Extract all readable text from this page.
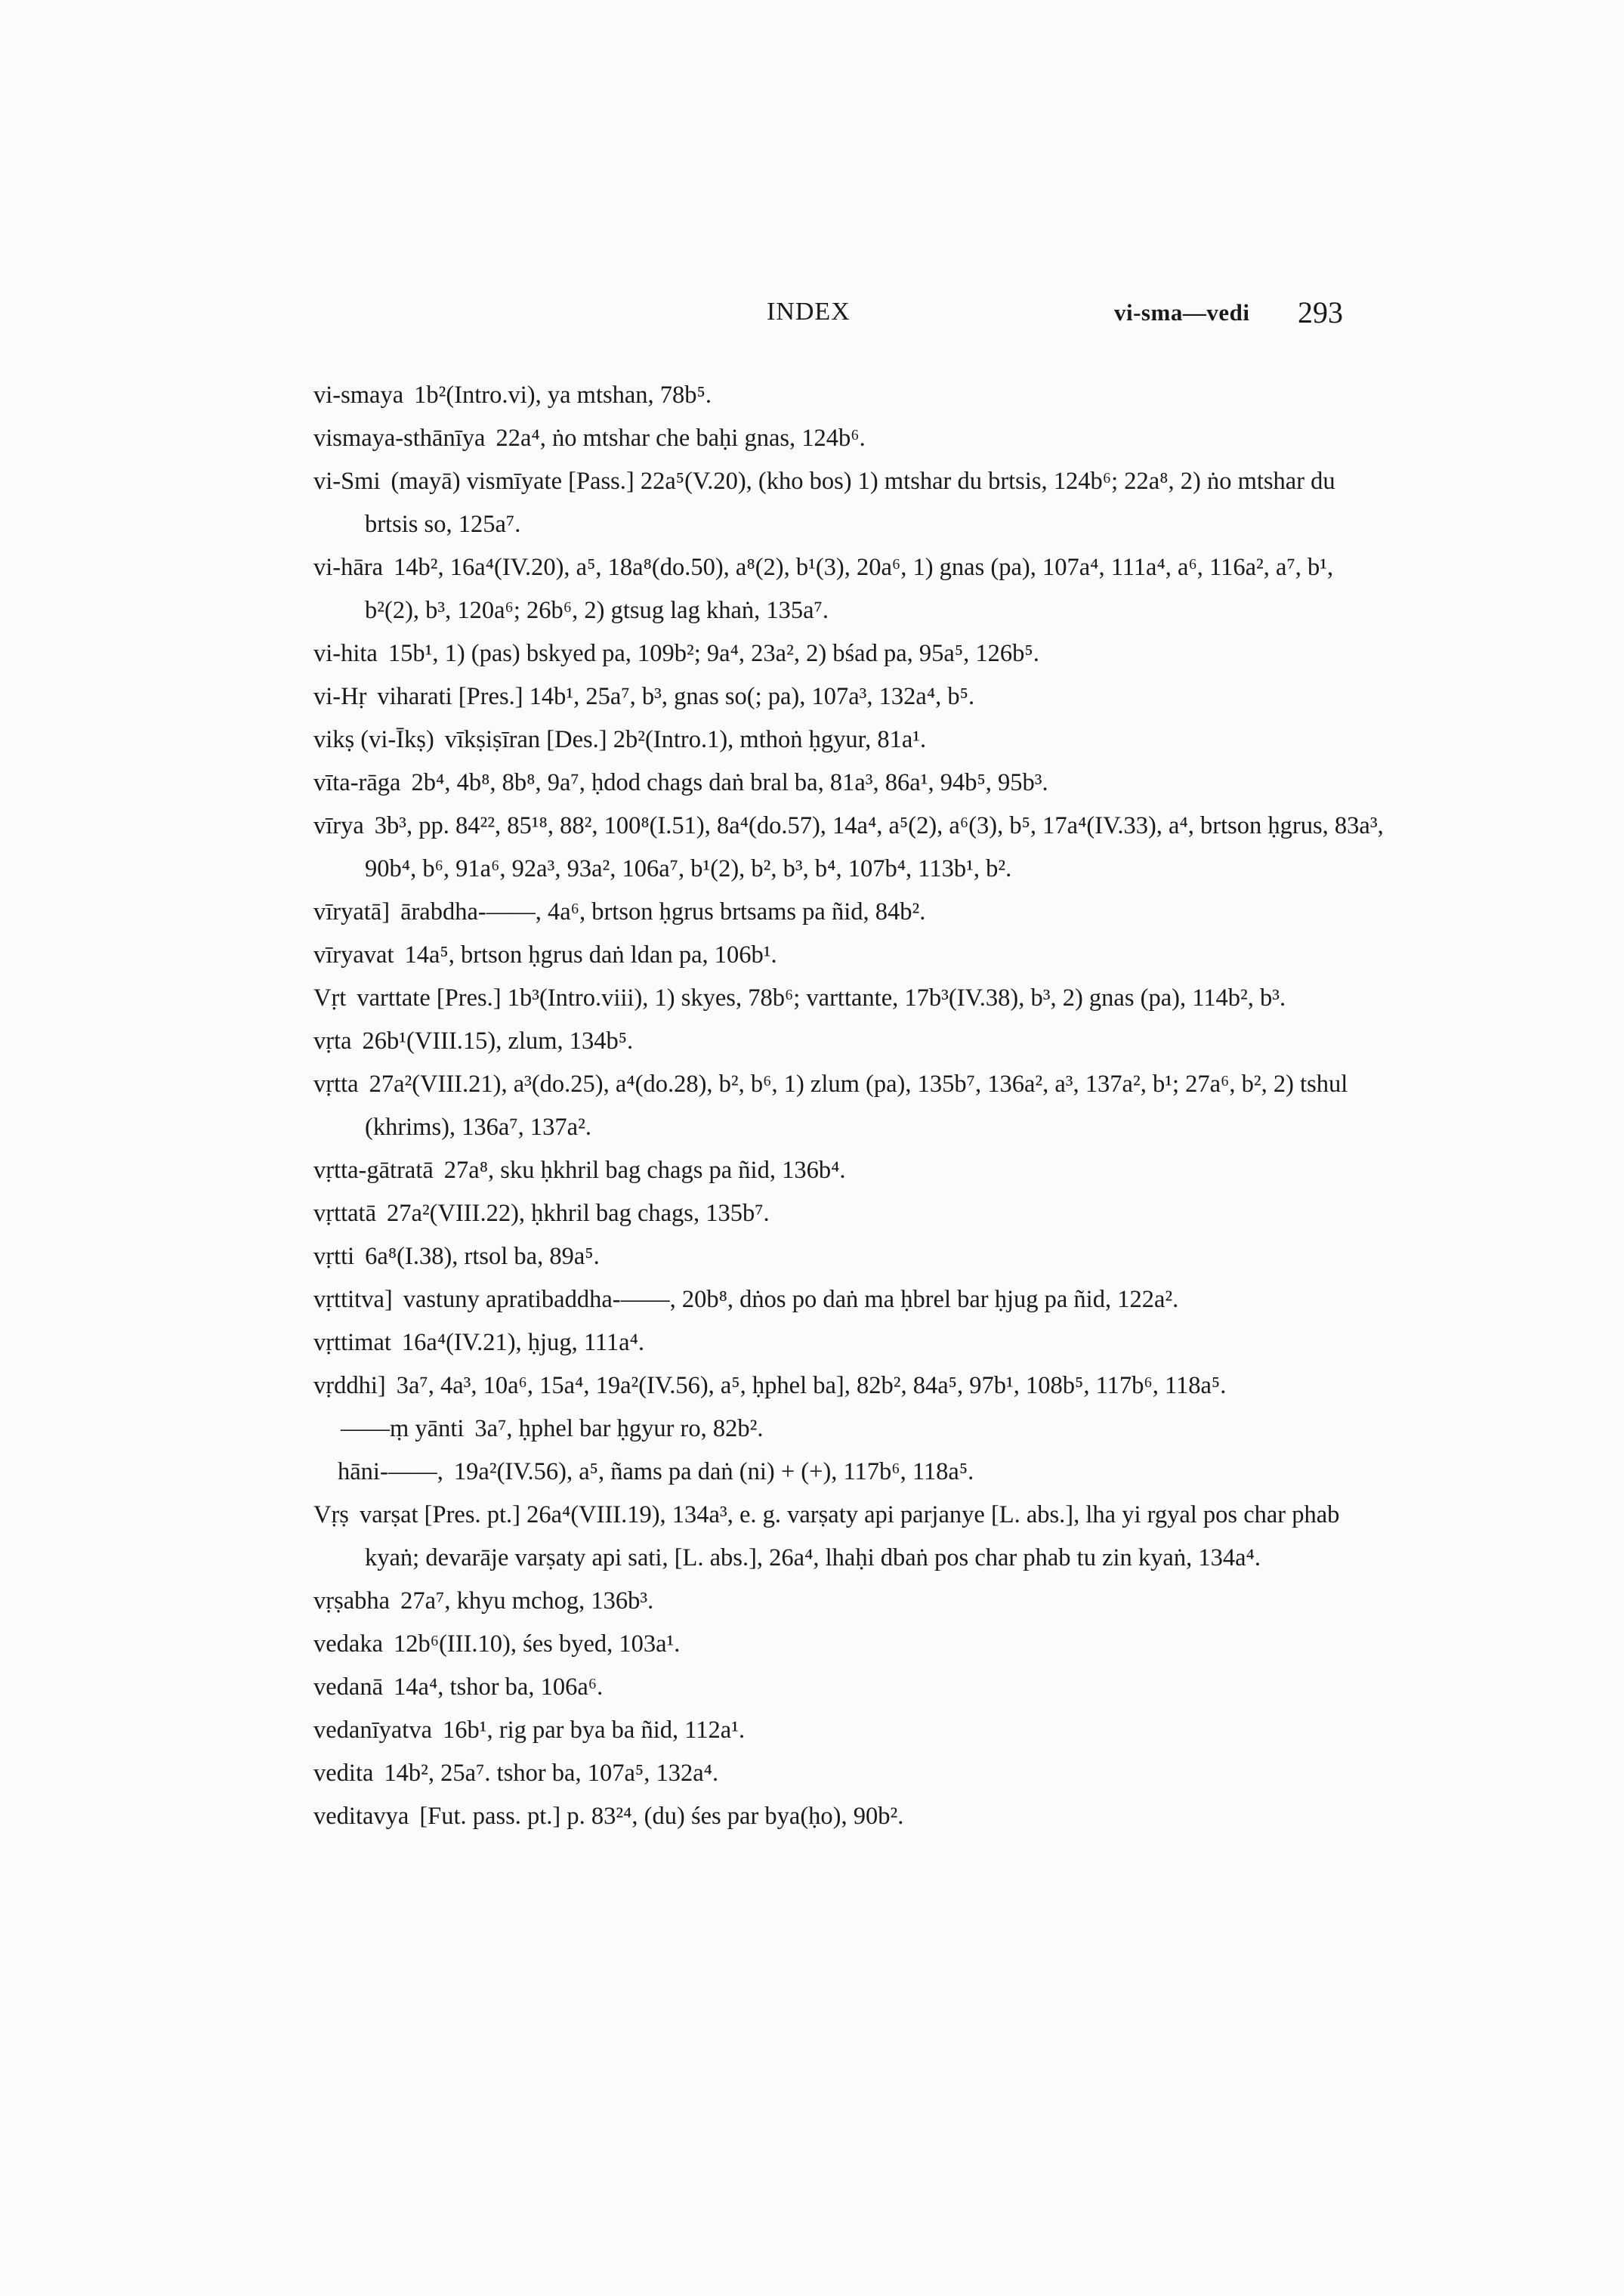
INDEX	vi-sma—vedi 293

vi-smaya 1b²(Intro.vi), ya mtshan, 78b⁵.

vismaya-sthānīya 22a⁴, ṅo mtshar che baḥi gnas, 124b⁶.

vi-Smi (mayā) vismīyate [Pass.] 22a⁵(V.20), (kho bos) 1) mtshar du brtsis, 124b⁶; 22a⁸, 2) ṅo mtshar du brtsis so, 125a⁷.

vi-hāra 14b², 16a⁴(IV.20), a⁵, 18a⁸(do.50), a⁸(2), b¹(3), 20a⁶, 1) gnas (pa), 107a⁴, 111a⁴, a⁶, 116a², a⁷, b¹, b²(2), b³, 120a⁶; 26b⁶, 2) gtsug lag khaṅ, 135a⁷.

vi-hita 15b¹, 1) (pas) bskyed pa, 109b²; 9a⁴, 23a², 2) bśad pa, 95a⁵, 126b⁵.

vi-Hṛ viharati [Pres.] 14b¹, 25a⁷, b³, gnas so(; pa), 107a³, 132a⁴, b⁵.

vikṣ (vi-Īkṣ) vīkṣiṣīran [Des.] 2b²(Intro.1), mthoṅ ḥgyur, 81a¹.

vīta-rāga 2b⁴, 4b⁸, 8b⁸, 9a⁷, ḥdod chags daṅ bral ba, 81a³, 86a¹, 94b⁵, 95b³.

vīrya 3b³, pp. 84²², 85¹⁸, 88², 100⁸(I.51), 8a⁴(do.57), 14a⁴, a⁵(2), a⁶(3), b⁵, 17a⁴(IV.33), a⁴, brtson ḥgrus, 83a³, 90b⁴, b⁶, 91a⁶, 92a³, 93a², 106a⁷, b¹(2), b², b³, b⁴, 107b⁴, 113b¹, b².

vīryatā] ārabdha-——, 4a⁶, brtson ḥgrus brtsams pa ñid, 84b².

vīryavat 14a⁵, brtson ḥgrus daṅ ldan pa, 106b¹.

Vṛt varttate [Pres.] 1b³(Intro.viii), 1) skyes, 78b⁶; varttante, 17b³(IV.38), b³, 2) gnas (pa), 114b², b³.

vṛta 26b¹(VIII.15), zlum, 134b⁵.

vṛtta 27a²(VIII.21), a³(do.25), a⁴(do.28), b², b⁶, 1) zlum (pa), 135b⁷, 136a², a³, 137a², b¹; 27a⁶, b², 2) tshul (khrims), 136a⁷, 137a².

vṛtta-gātratā 27a⁸, sku ḥkhril bag chags pa ñid, 136b⁴.

vṛttatā 27a²(VIII.22), ḥkhril bag chags, 135b⁷.

vṛtti 6a⁸(I.38), rtsol ba, 89a⁵.

vṛttitva] vastuny apratibaddha-——, 20b⁸, dṅos po daṅ ma ḥbrel bar ḥjug pa ñid, 122a².

vṛttimat 16a⁴(IV.21), ḥjug, 111a⁴.

vṛddhi] 3a⁷, 4a³, 10a⁶, 15a⁴, 19a²(IV.56), a⁵, ḥphel ba], 82b², 84a⁵, 97b¹, 108b⁵, 117b⁶, 118a⁵.

——ṃ yānti 3a⁷, ḥphel bar ḥgyur ro, 82b².

hāni-——, 19a²(IV.56), a⁵, ñams pa daṅ (ni) + (+), 117b⁶, 118a⁵.

Vṛṣ varṣat [Pres. pt.] 26a⁴(VIII.19), 134a³, e. g. varṣaty api parjanye [L. abs.], lha yi rgyal pos char phab kyaṅ; devarāje varṣaty api sati, [L. abs.], 26a⁴, lhaḥi dbaṅ pos char phab tu zin kyaṅ, 134a⁴.

vṛṣabha 27a⁷, khyu mchog, 136b³.

vedaka 12b⁶(III.10), śes byed, 103a¹.

vedanā 14a⁴, tshor ba, 106a⁶.

vedanīyatva 16b¹, rig par bya ba ñid, 112a¹.

vedita 14b², 25a⁷. tshor ba, 107a⁵, 132a⁴.

veditavya [Fut. pass. pt.] p. 83²⁴, (du) śes par bya(ḥo), 90b².
